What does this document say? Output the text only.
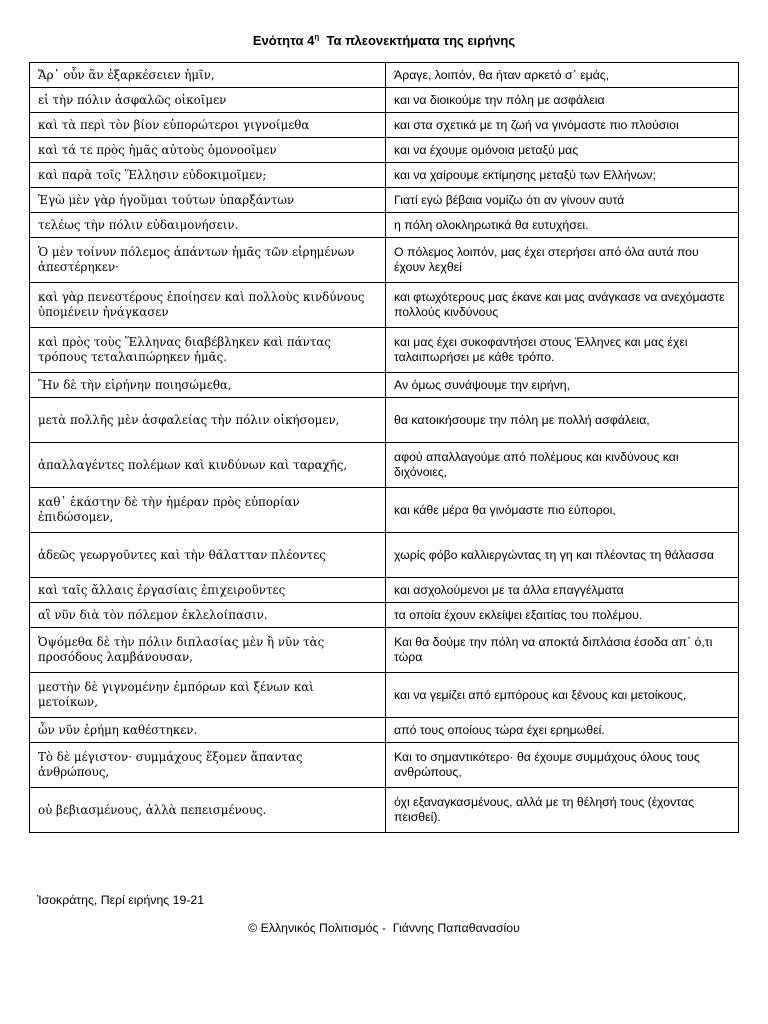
Ενότητα $4^\eta$  Τα πλεονεκτήματα της ειρήνης
Ἄρ᾽ οὖν ἂν ἐξαρκέσειεν ἡμῖν,	Άραγε, λοιπόν, θα ήταν αρκετό σ᾽ εμάς,
εἰ τὴν πόλιν ἀσφαλῶς οἰκοῖμεν	και να διοικούμε την πόλη με ασφάλεια
καὶ τὰ περὶ τὸν βίον εὐπορώτεροι γιγνοίμεθα	και στα σχετικά με τη ζωή να γινόμαστε πιο πλούσιοι
καὶ τά τε πρὸς ἡμᾶς αὐτοὺς ὁμονοοῖμεν	και να έχουμε ομόνοια μεταξύ μας
καὶ παρὰ τοῖς Ἕλλησιν εὐδοκιμοῖμεν;	και να χαίρουμε εκτίμησης μεταξύ των Ελλήνων;
Ἐγὼ μὲν γὰρ ἡγοῦμαι τούτων ὑπαρξάντων	Γιατί εγώ βέβαια νομίζω ότι αν γίνουν αυτά
τελέως τὴν πόλιν εὐδαιμονήσειν.	η πόλη ολοκληρωτικά θα ευτυχήσει.
Ὁ μὲν τοίνυν πόλεμος ἁπάντων ἡμᾶς τῶν εἰρημένων ἀπεστέρηκεν·	Ο πόλεμος λοιπόν, μας έχει στερήσει από όλα αυτά που έχουν λεχθεί
καὶ γὰρ πενεστέρους ἐποίησεν καὶ πολλοὺς κινδύνους ὑπομένειν ἠνάγκασεν	και φτωχότερους μας έκανε και μας ανάγκασε να ανεχόμαστε πολλούς κινδύνους
καὶ πρὸς τοὺς Ἕλληνας διαβέβληκεν καὶ πάντας τρόπους τεταλαιπώρηκεν ἡμᾶς.	και μας έχει συκοφαντήσει στους Έλληνες και μας έχει ταλαιπωρήσει με κάθε τρόπο.
Ἢν δὲ τὴν εἰρήνην ποιησώμεθα,	Αν όμως συνάψουμε την ειρήνη,
μετὰ πολλῆς μὲν ἀσφαλείας τὴν πόλιν οἰκήσομεν,	θα κατοικήσουμε την πόλη με πολλή ασφάλεια,
ἀπαλλαγέντες πολέμων καὶ κινδύνων καὶ ταραχῆς,	αφού απαλλαγούμε από πολέμους και κινδύνους και διχόνοιες,
καθ᾽ ἑκάστην δὲ τὴν ἡμέραν πρὸς εὐπορίαν ἐπιδώσομεν,	και κάθε μέρα θα γινόμαστε πιο εύποροι,
ἀδεῶς γεωργοῦντες καὶ τὴν θάλατταν πλέοντες	χωρίς φόβο καλλιεργώντας τη γη και πλέοντας τη θάλασσα
καὶ ταῖς ἄλλαις ἐργασίαις ἐπιχειροῦντες	και ασχολούμενοι με τα άλλα επαγγέλματα
αἳ νῦν διὰ τὸν πόλεμον ἐκλελοίπασιν.	τα οποία έχουν εκλείψει εξαιτίας του πολέμου.
Ὀψόμεθα δὲ τὴν πόλιν διπλασίας μὲν ἢ νῦν τὰς προσόδους λαμβάνουσαν,	Και θα δούμε την πόλη να αποκτά διπλάσια έσοδα απ᾽ ό,τι τώρα
μεστὴν δὲ γιγνομένην ἐμπόρων καὶ ξένων καὶ μετοίκων,	και να γεμίζει από εμπόρους και ξένους και μετοίκους,
ὧν νῦν ἐρήμη καθέστηκεν.	από τους οποίους τώρα έχει ερημωθεί.
Τὸ δὲ μέγιστον· συμμάχους ἕξομεν ἅπαντας ἀνθρώπους,	Και το σημαντικότερο· θα έχουμε συμμάχους όλους τους ανθρώπους,
οὐ βεβιασμένους, ἀλλὰ πεπεισμένους.	όχι εξαναγκασμένους, αλλά με τη θέλησή τους (έχοντας πεισθεί).
Ἰσοκράτης, Περί ειρήνης 19-21
© Ελληνικός Πολιτισμός -  Γιάννης Παπαθανασίου
